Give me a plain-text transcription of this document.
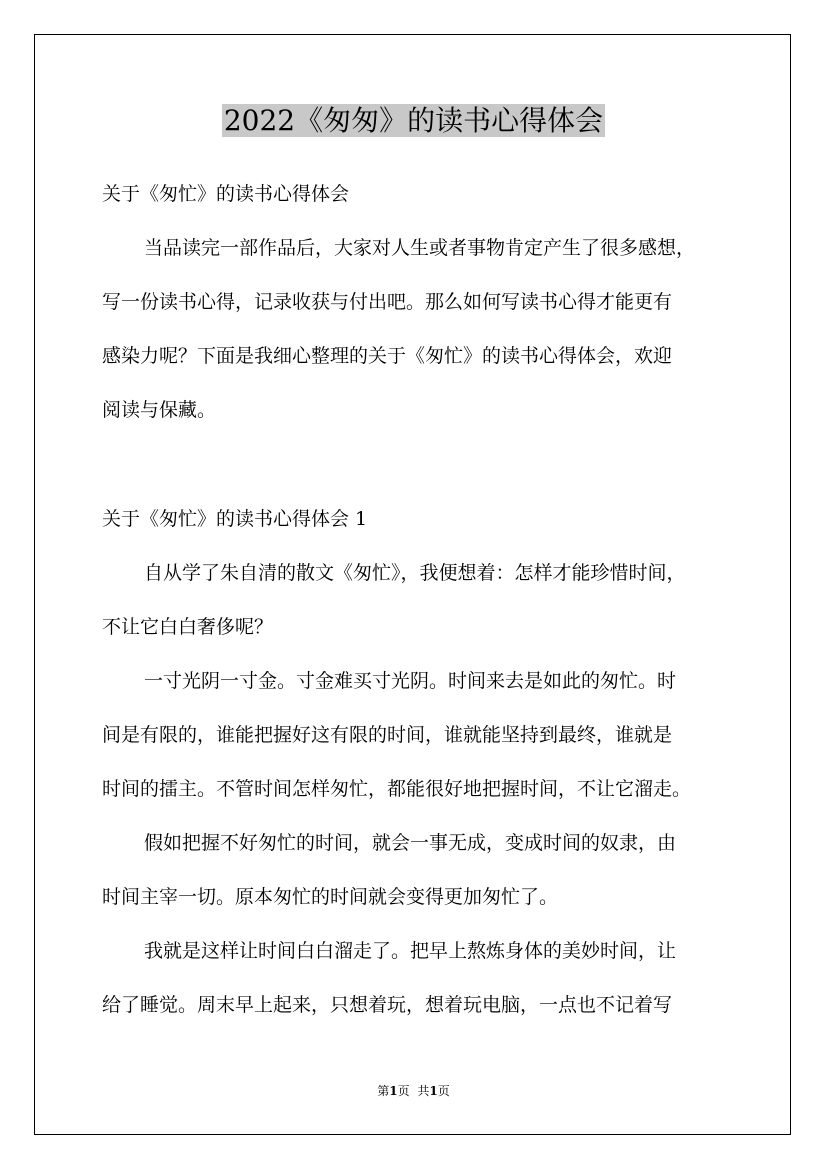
2022《匆匆》的读书心得体会
关于《匆忙》的读书心得体会
当品读完一部作品后，大家对人生或者事物肯定产生了很多感想，
写一份读书心得，记录收获与付出吧。那么如何写读书心得才能更有
感染力呢？下面是我细心整理的关于《匆忙》的读书心得体会，欢迎
阅读与保藏。
关于《匆忙》的读书心得体会 1
自从学了朱自清的散文《匆忙》，我便想着：怎样才能珍惜时间，
不让它白白奢侈呢？
一寸光阴一寸金。寸金难买寸光阴。时间来去是如此的匆忙。时
间是有限的，谁能把握好这有限的时间，谁就能坚持到最终，谁就是
时间的擂主。不管时间怎样匆忙，都能很好地把握时间，不让它溜走。
假如把握不好匆忙的时间，就会一事无成，变成时间的奴隶，由
时间主宰一切。原本匆忙的时间就会变得更加匆忙了。
我就是这样让时间白白溜走了。把早上熬炼身体的美妙时间，让
给了睡觉。周末早上起来，只想着玩，想着玩电脑，一点也不记着写
第1页 共1页
